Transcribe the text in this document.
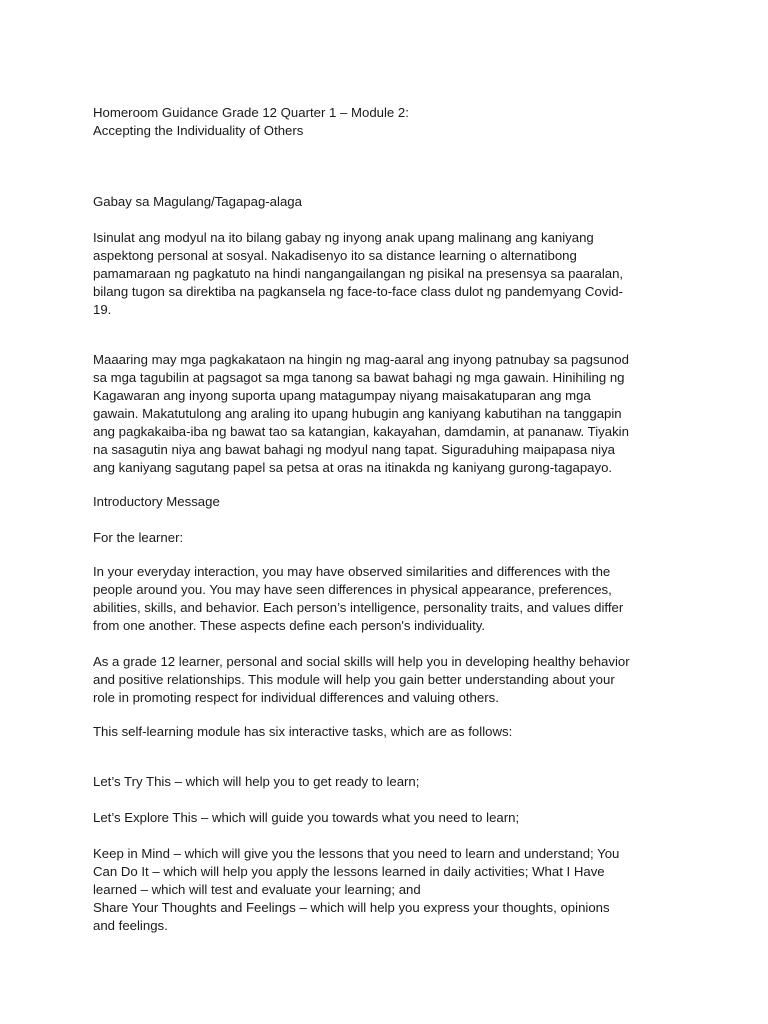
Homeroom Guidance Grade 12 Quarter 1 – Module 2:
Accepting the Individuality of Others
Gabay sa Magulang/Tagapag-alaga

Isinulat ang modyul na ito bilang gabay ng inyong anak upang malinang ang kaniyang
aspektong personal at sosyal. Nakadisenyo ito sa distance learning o alternatibong
pamamaraan ng pagkatuto na hindi nangangailangan ng pisikal na presensya sa paaralan,
bilang tugon sa direktiba na pagkansela ng face-to-face class dulot ng pandemyang Covid-
19.

Maaaring may mga pagkakataon na hingin ng mag-aaral ang inyong patnubay sa pagsunod
sa mga tagubilin at pagsagot sa mga tanong sa bawat bahagi ng mga gawain. Hinihiling ng
Kagawaran ang inyong suporta upang matagumpay niyang maisakatuparan ang mga
gawain. Makatutulong ang araling ito upang hubugin ang kaniyang kabutihan na tanggapin
ang pagkakaiba-iba ng bawat tao sa katangian, kakayahan, damdamin, at pananaw. Tiyakin
na sasagutin niya ang bawat bahagi ng modyul nang tapat. Siguraduhing maipapasa niya
ang kaniyang sagutang papel sa petsa at oras na itinakda ng kaniyang gurong-tagapayo.

Introductory Message
For the learner:

In your everyday interaction, you may have observed similarities and differences with the
people around you. You may have seen differences in physical appearance, preferences,
abilities, skills, and behavior. Each person’s intelligence, personality traits, and values differ
from one another. These aspects define each person's individuality.

As a grade 12 learner, personal and social skills will help you in developing healthy behavior
and positive relationships. This module will help you gain better understanding about your
role in promoting respect for individual differences and valuing others.

This self-learning module has six interactive tasks, which are as follows:
Let’s Try This – which will help you to get ready to learn;
Let’s Explore This – which will guide you towards what you need to learn;

Keep in Mind – which will give you the lessons that you need to learn and understand; You
Can Do It – which will help you apply the lessons learned in daily activities; What I Have
learned – which will test and evaluate your learning; and
Share Your Thoughts and Feelings – which will help you express your thoughts, opinions
and feelings.
